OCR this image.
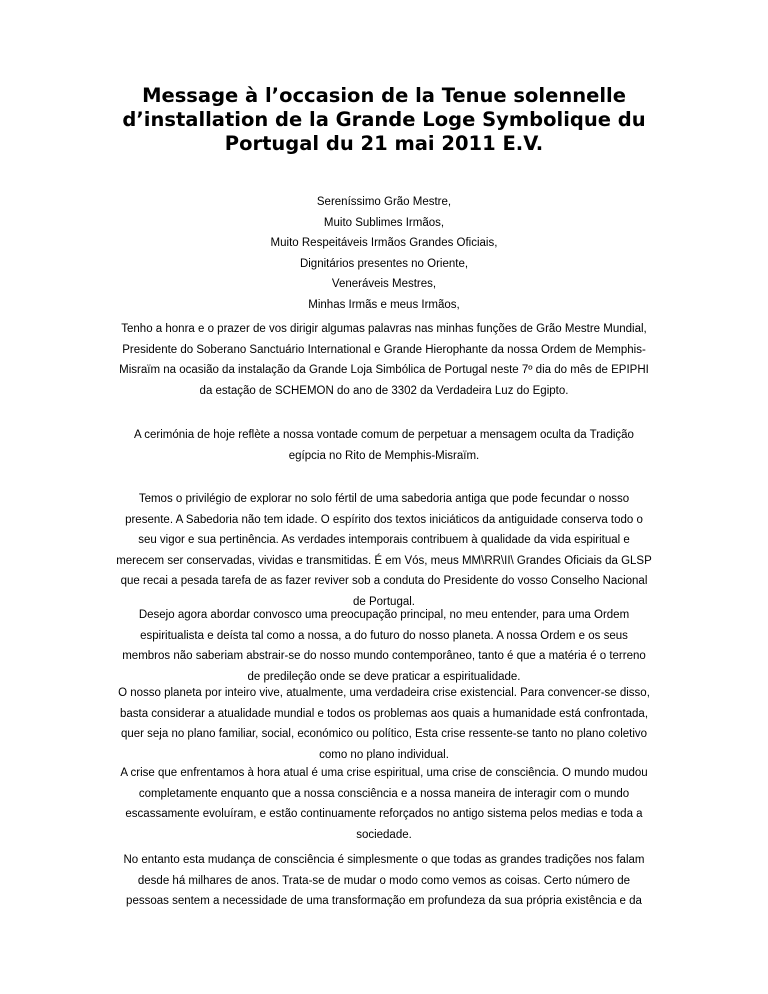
Message à l’occasion de la Tenue solennelle
d’installation de la Grande Loge Symbolique du
Portugal du 21 mai 2011 E.V.
Sereníssimo Grão Mestre,
Muito Sublimes Irmãos,
Muito Respeitáveis Irmãos Grandes Oficiais,
Dignitários presentes no Oriente,
Veneráveis Mestres,
Minhas Irmãs e meus Irmãos,
Tenho a honra e o prazer de vos dirigir algumas palavras nas minhas funções de Grão Mestre Mundial,
Presidente do Soberano Sanctuário International e Grande Hierophante da nossa Ordem de Memphis-
Misraïm na ocasião da instalação da Grande Loja Simbólica de Portugal neste 7º dia do mês de EPIPHI
da estação de SCHEMON do ano de 3302 da Verdadeira Luz do Egipto.
A cerimónia de hoje reflète a nossa vontade comum de perpetuar a mensagem oculta da Tradição
egípcia no Rito de Memphis-Misraïm.
Temos o privilégio de explorar no solo fértil de uma sabedoria antiga que pode fecundar o nosso
presente. A Sabedoria não tem idade. O espírito dos textos iniciáticos da antiguidade conserva todo o
seu vigor e sua pertinência. As verdades intemporais contribuem à qualidade da vida espiritual e
merecem ser conservadas, vividas e transmitidas. É em Vós, meus MM\RR\II\ Grandes Oficiais da GLSP
que recai a pesada tarefa de as fazer reviver sob a conduta do Presidente do vosso Conselho Nacional
de Portugal.
Desejo agora abordar convosco uma preocupação principal, no meu entender, para uma Ordem
espiritualista e deísta tal como a nossa, a do futuro do nosso planeta. A nossa Ordem e os seus
membros não saberiam abstrair-se do nosso mundo contemporâneo, tanto é que a matéria é o terreno
de predileção onde se deve praticar a espiritualidade.
O nosso planeta por inteiro vive, atualmente, uma verdadeira crise existencial. Para convencer-se disso,
basta considerar a atualidade mundial e todos os problemas aos quais a humanidade está confrontada,
quer seja no plano familiar, social, económico ou político, Esta crise ressente-se tanto no plano coletivo
como no plano individual.
A crise que enfrentamos à hora atual é uma crise espiritual, uma crise de consciência. O mundo mudou
completamente enquanto que a nossa consciência e a nossa maneira de interagir com o mundo
escassamente evoluíram, e estão continuamente reforçados no antigo sistema pelos medias e toda a
sociedade.
No entanto esta mudança de consciência é simplesmente o que todas as grandes tradições nos falam
desde há milhares de anos. Trata-se de mudar o modo como vemos as coisas. Certo número de
pessoas sentem a necessidade de uma transformação em profundeza da sua própria existência e da
